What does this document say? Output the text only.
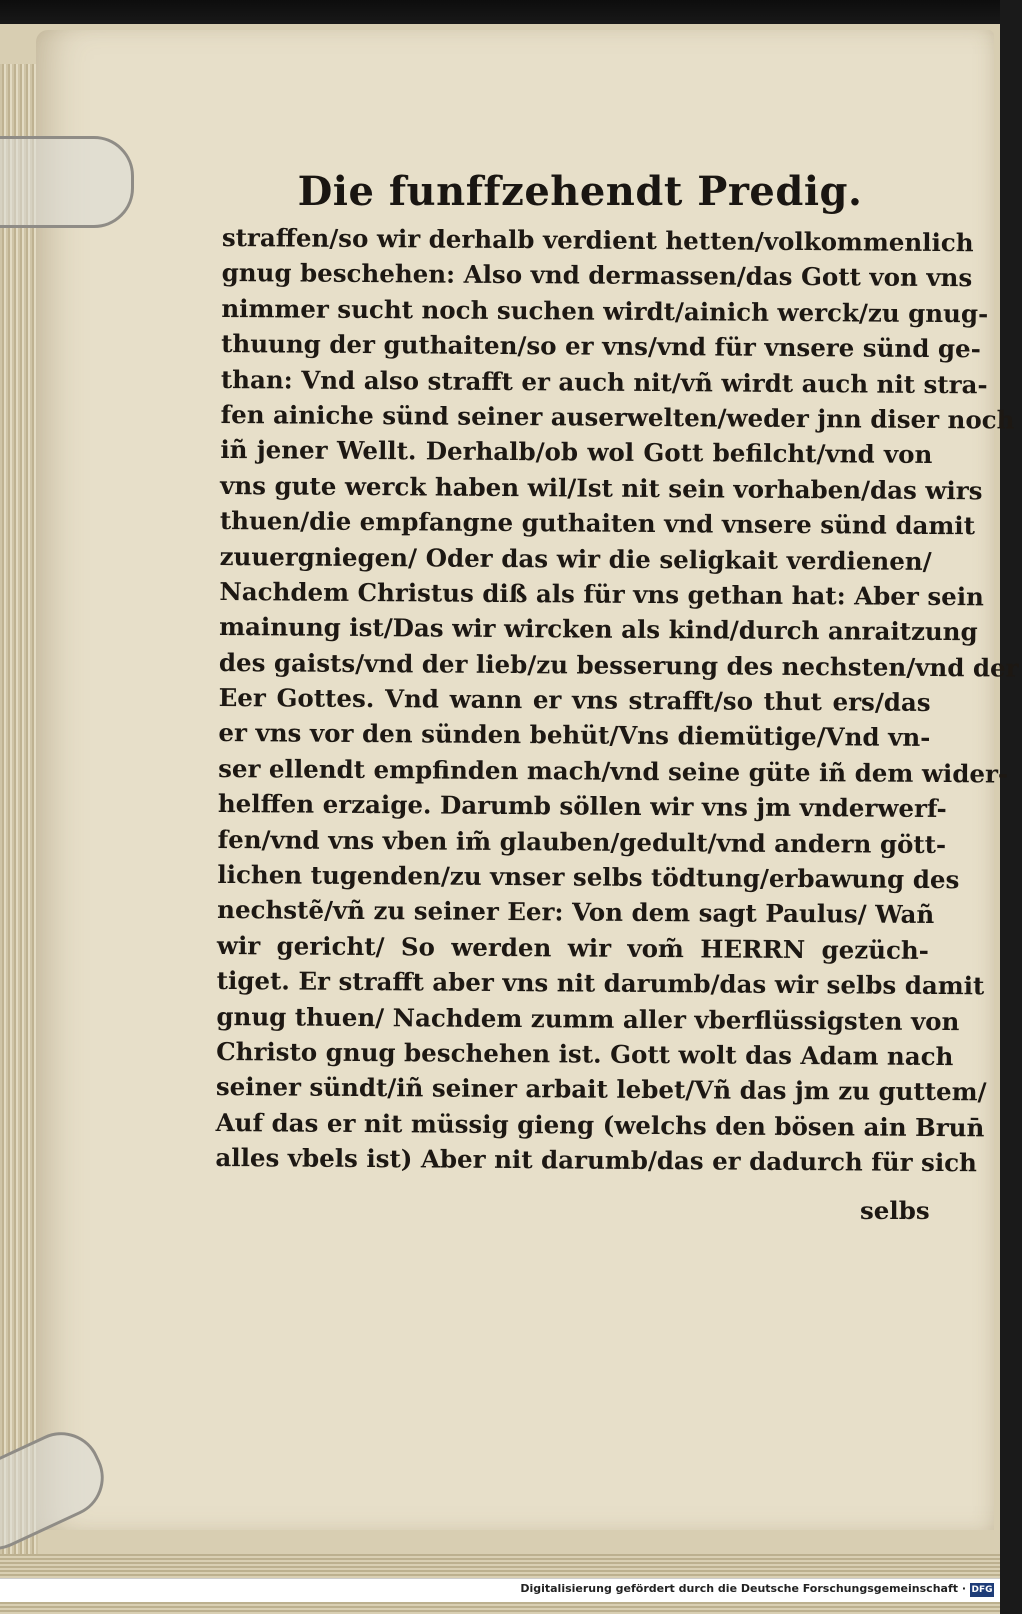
Die funffzehendt Predig.
straffen/so wir derhalb verdient hetten/volkommenlich
gnug beschehen: Also vnd dermassen/das Gott von vns
nimmer sucht noch suchen wirdt/ainich werck/zu gnug-
thuung der guthaiten/so er vns/vnd für vnsere sünd ge-
than: Vnd also strafft er auch nit/vñ wirdt auch nit stra-
fen ainiche sünd seiner auserwelten/weder jnn diser noch
iñ jener Wellt. Derhalb/ob wol Gott befilcht/vnd von
vns gute werck haben wil/Ist nit sein vorhaben/das wirs
thuen/die empfangne guthaiten vnd vnsere sünd damit
zuuergniegen/ Oder das wir die seligkait verdienen/
Nachdem Christus diß als für vns gethan hat: Aber sein
mainung ist/Das wir wircken als kind/durch anraitzung
des gaists/vnd der lieb/zu besserung des nechsten/vnd der
Eer Gottes. Vnd wann er vns strafft/so thut ers/das
er vns vor den sünden behüt/Vns diemütige/Vnd vn-
ser ellendt empfinden mach/vnd seine güte iñ dem wider-
helffen erzaige. Darumb söllen wir vns jm vnderwerf-
fen/vnd vns vben im̃ glauben/gedult/vnd andern gött-
lichen tugenden/zu vnser selbs tödtung/erbawung des
nechstẽ/vñ zu seiner Eer: Von dem sagt Paulus/ Wañ
wir gericht/ So werden wir vom̃ HERRN gezüch-
tiget. Er strafft aber vns nit darumb/das wir selbs damit
gnug thuen/ Nachdem zumm aller vberflüssigsten von
Christo gnug beschehen ist. Gott wolt das Adam nach
seiner sündt/iñ seiner arbait lebet/Vñ das jm zu guttem/
Auf das er nit müssig gieng (welchs den bösen ain Brun̄
alles vbels ist) Aber nit darumb/das er dadurch für sich
selbs
Digitalisierung gefördert durch die Deutsche Forschungsgemeinschaft · DFG
